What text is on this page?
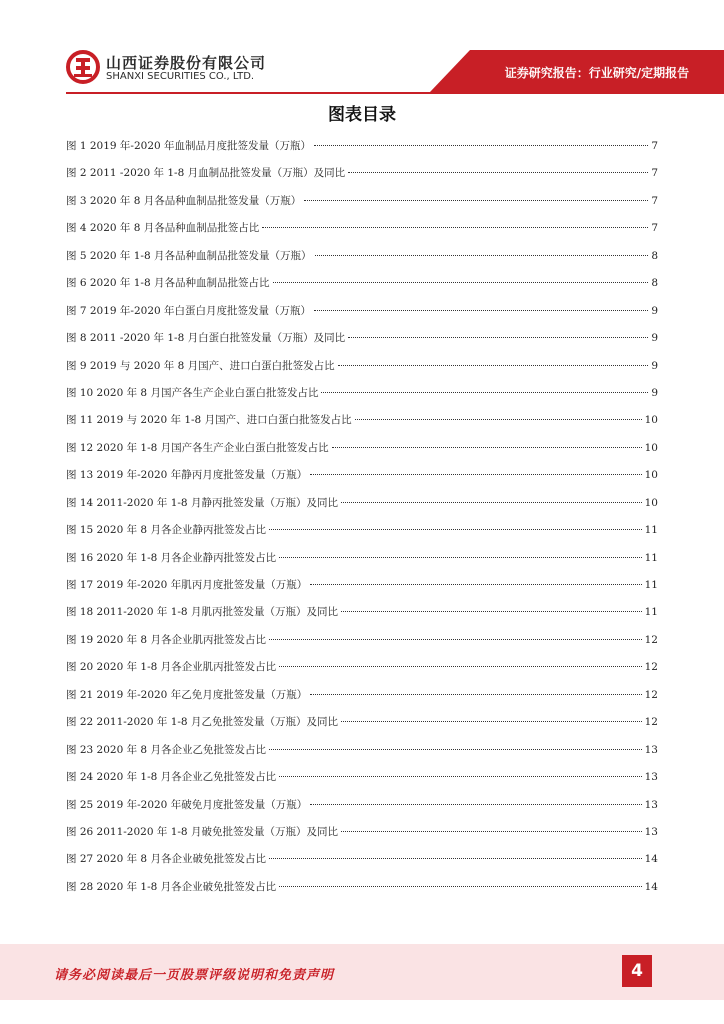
山西证券股份有限公司
SHANXI SECURITIES CO., LTD.	证券研究报告：行业研究/定期报告
图表目录
图 1 2019 年-2020 年血制品月度批签发量（万瓶）	7
图 2 2011 -2020 年 1-8 月血制品批签发量（万瓶）及同比	7
图 3 2020 年 8 月各品种血制品批签发量（万瓶）	7
图 4 2020 年 8 月各品种血制品批签占比	7
图 5 2020 年 1-8 月各品种血制品批签发量（万瓶）	8
图 6 2020 年 1-8 月各品种血制品批签占比	8
图 7 2019 年-2020 年白蛋白月度批签发量（万瓶）	9
图 8 2011 -2020 年 1-8 月白蛋白批签发量（万瓶）及同比	9
图 9 2019 与 2020 年 8 月国产、进口白蛋白批签发占比	9
图 10 2020 年 8 月国产各生产企业白蛋白批签发占比	9
图 11 2019 与 2020 年 1-8 月国产、进口白蛋白批签发占比	10
图 12 2020 年 1-8 月国产各生产企业白蛋白批签发占比	10
图 13 2019 年-2020 年静丙月度批签发量（万瓶）	10
图 14 2011-2020 年 1-8 月静丙批签发量（万瓶）及同比	10
图 15 2020 年 8 月各企业静丙批签发占比	11
图 16 2020 年 1-8 月各企业静丙批签发占比	11
图 17 2019 年-2020 年肌丙月度批签发量（万瓶）	11
图 18 2011-2020 年 1-8 月肌丙批签发量（万瓶）及同比	11
图 19 2020 年 8 月各企业肌丙批签发占比	12
图 20 2020 年 1-8 月各企业肌丙批签发占比	12
图 21 2019 年-2020 年乙免月度批签发量（万瓶）	12
图 22 2011-2020 年 1-8 月乙免批签发量（万瓶）及同比	12
图 23 2020 年 8 月各企业乙免批签发占比	13
图 24 2020 年 1-8 月各企业乙免批签发占比	13
图 25 2019 年-2020 年破免月度批签发量（万瓶）	13
图 26 2011-2020 年 1-8 月破免批签发量（万瓶）及同比	13
图 27 2020 年 8 月各企业破免批签发占比	14
图 28 2020 年 1-8 月各企业破免批签发占比	14
请务必阅读最后一页股票评级说明和免责声明	4
